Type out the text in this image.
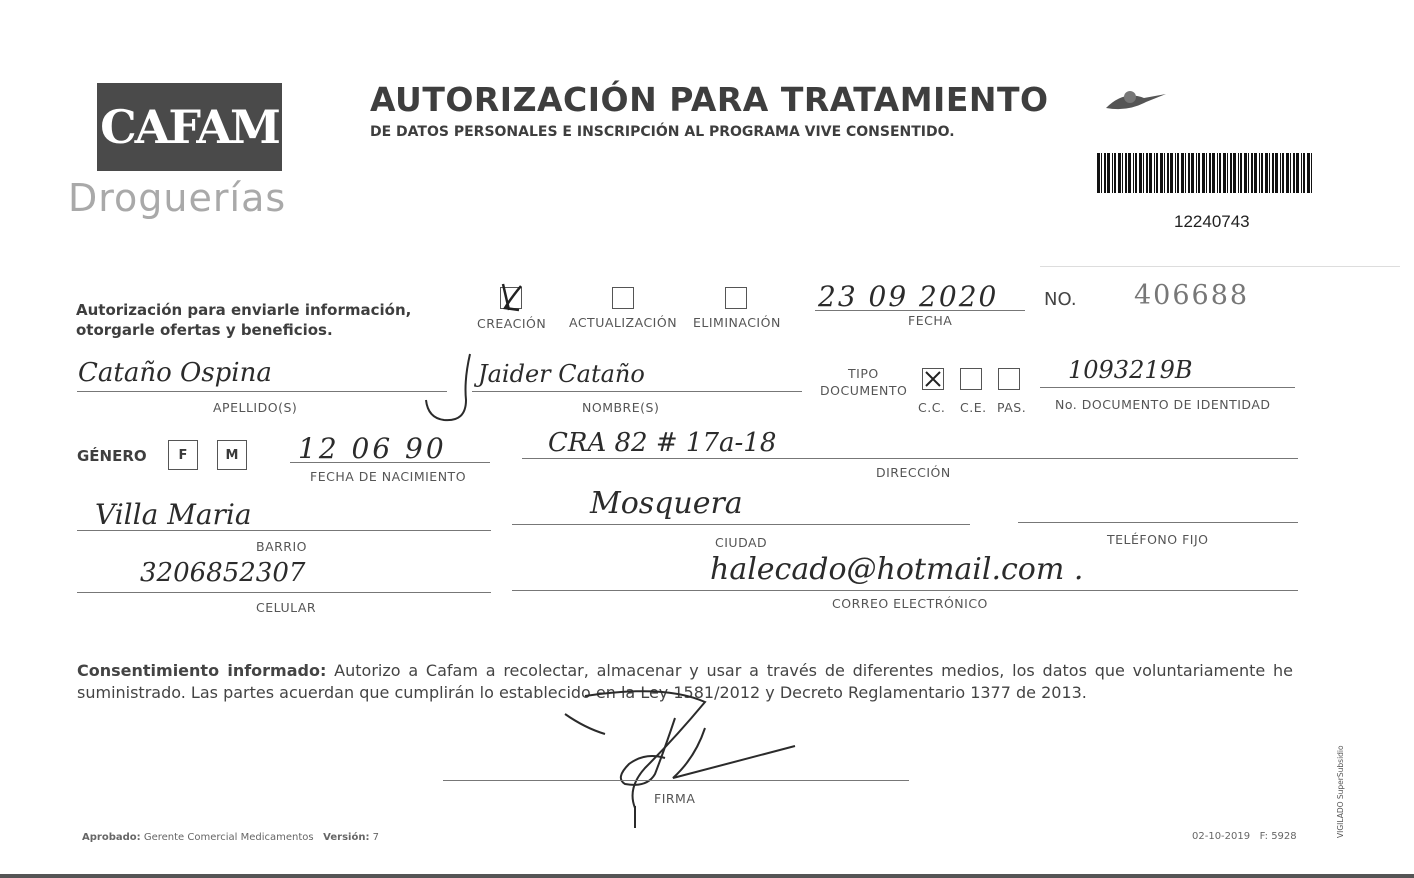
CAFAM
Droguerías
AUTORIZACIÓN PARA TRATAMIENTO
DE DATOS PERSONALES E INSCRIPCIÓN AL PROGRAMA VIVE CONSENTIDO.
12240743
Autorización para enviarle información,
otorgarle ofertas y beneficios.	CREACIÓN ACTUALIZACIÓN ELIMINACIÓN
23 09 2020
FECHA
NO. 406688
Cataño Ospina
APELLIDO(S)
Jaider Cataño
NOMBRE(S)
TIPO
DOCUMENTO
C.C. C.E. PAS.
1093219B
No. DOCUMENTO DE IDENTIDAD
GÉNERO F	M 12 06 90
FECHA DE NACIMIENTO
CRA 82 # 17a-18
DIRECCIÓN
Villa Maria
BARRIO
Mosquera
CIUDAD	TELÉFONO FIJO
3206852307
CELULAR
halecado@hotmail.com .
CORREO ELECTRÓNICO
Consentimiento informado: Autorizo a Cafam a recolectar, almacenar y usar a través de diferentes medios, los datos que voluntariamente he suministrado. Las partes acuerdan que cumplirán lo establecido en la Ley 1581/2012 y Decreto Reglamentario 1377 de 2013.
FIRMA
Aprobado: Gerente Comercial Medicamentos Versión: 7	02-10-2019 F: 5928	VIGILADO SuperSubsidio
